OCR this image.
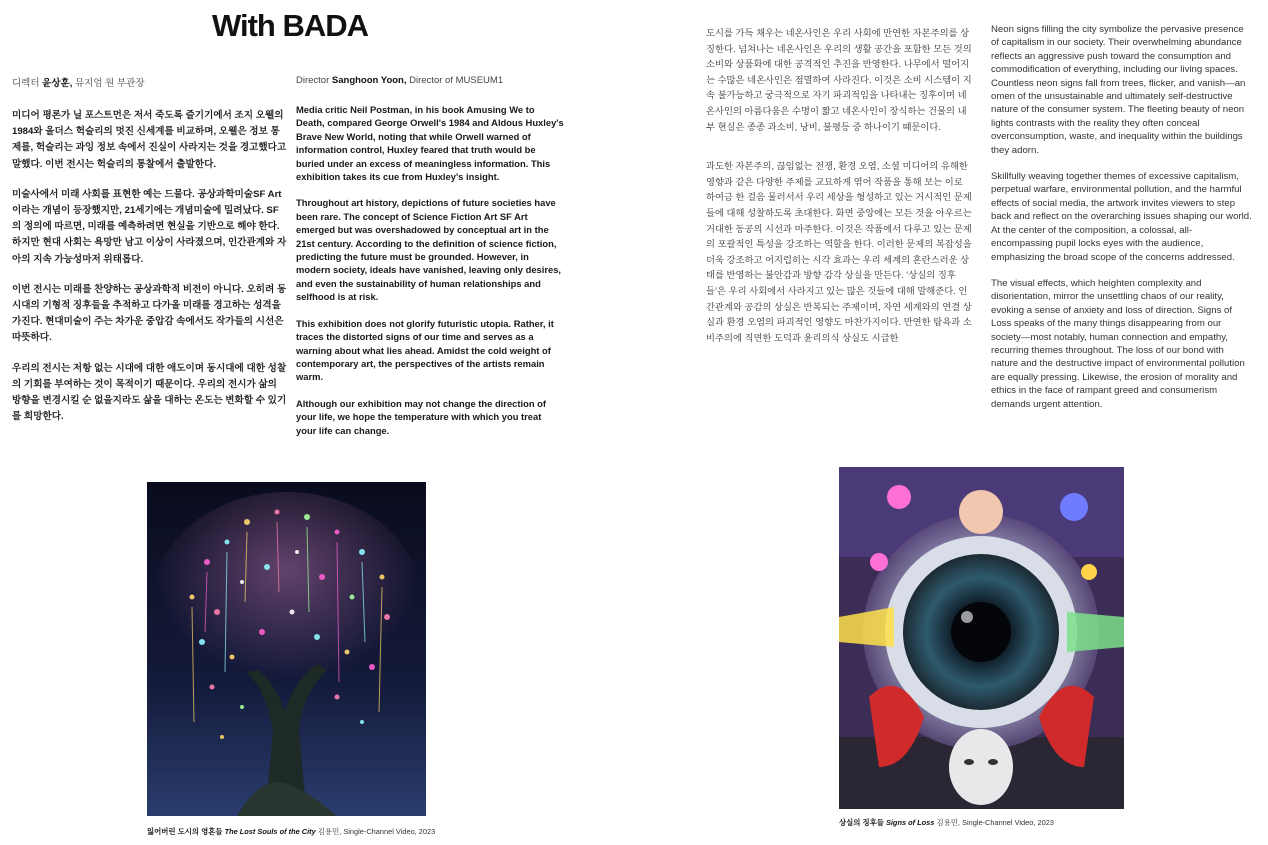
With BADA
디렉터 윤상훈, 뮤지엄 원 부관장	Director Sanghoon Yoon, Director of MUSEUM1

미디어 평론가 닐 포스트먼은 저서 죽도록 즐기기에서 조지 오웰의 1984와 올더스 헉슬리의 멋진 신세계를 비교하며, 오웰은 정보 통제를, 헉슬리는 과잉 정보 속에서 진실이 사라지는 것을 경고했다고 말했다. 이번 전시는 헉슬리의 통찰에서 출발한다.

미술사에서 미래 사회를 표현한 예는 드물다. 공상과학미술SF Art이라는 개념이 등장했지만, 21세기에는 개념미술에 밀려났다. SF의 정의에 따르면, 미래를 예측하려면 현실을 기반으로 해야 한다. 하지만 현대 사회는 욕망만 남고 이상이 사라졌으며, 인간관계와 자아의 지속 가능성마저 위태롭다.

이번 전시는 미래를 찬양하는 공상과학적 비전이 아니다. 오히려 동시대의 기형적 징후들을 추적하고 다가올 미래를 경고하는 성격을 가진다. 현대미술이 주는 차가운 중압감 속에서도 작가들의 시선은 따뜻하다.

우리의 전시는 저항 없는 시대에 대한 애도이며 동시대에 대한 성찰의 기회를 부여하는 것이 목적이기 때문이다. 우리의 전시가 삶의 방향을 변경시킬 순 없을지라도 삶을 대하는 온도는 변화할 수 있기를 희망한다.

Media critic Neil Postman, in his book Amusing We to Death, compared George Orwell's 1984 and Aldous Huxley's Brave New World, noting that while Orwell warned of information control, Huxley feared that truth would be buried under an excess of meaningless information. This exhibition takes its cue from Huxley's insight.

Throughout art history, depictions of future societies have been rare. The concept of Science Fiction Art SF Art emerged but was overshadowed by conceptual art in the 21st century. According to the definition of science fiction, predicting the future must be grounded. However, in modern society, ideals have vanished, leaving only desires, and even the sustainability of human relationships and selfhood is at risk.

This exhibition does not glorify futuristic utopia. Rather, it traces the distorted signs of our time and serves as a warning about what lies ahead. Amidst the cold weight of contemporary art, the perspectives of the artists remain warm.

Although our exhibition may not change the direction of your life, we hope the temperature with which you treat your life can change.

도시를 가득 채우는 네온사인은 우리 사회에 만연한 자본주의를 상징한다. 넘쳐나는 네온사인은 우리의 생활 공간을 포함한 모든 것의 소비와 상품화에 대한 공격적인 추진을 반영한다. 나무에서 떨어지는 수많은 네온사인은 점멸하여 사라진다. 이것은 소비 시스템이 지속 불가능하고 궁극적으로 자기 파괴적임을 나타내는 징후이며 네온사인의 아름다움은 수명이 짧고 네온사인이 장식하는 건물의 내부 현실은 종종 과소비, 낭비, 불평등 중 하나이기 때문이다.

과도한 자본주의, 끊임없는 전쟁, 환경 오염, 소셜 미디어의 유해한 영향과 같은 다양한 주제를 교묘하게 엮어 작품을 통해 보는 이로 하여금 한 걸음 물러서서 우리 세상을 형성하고 있는 거시적인 문제들에 대해 성찰하도록 초대한다. 화면 중앙에는 모든 것을 아우르는 거대한 동공의 시선과 마주한다. 이것은 작품에서 다루고 있는 문제의 포괄적인 특성을 강조하는 역할을 한다. 이러한 문제의 복잡성을 더욱 강조하고 어지럽히는 시각 효과는 우리 세계의 혼란스러운 상태를 반영하는 불안감과 방향 감각 상실을 만든다. ‘상실의 징후들’은 우리 사회에서 사라지고 있는 많은 것들에 대해 말해준다. 인간관계와 공감의 상실은 반복되는 주제이며, 자연 세계와의 연결 상실과 환경 오염의 파괴적인 영향도 마찬가지이다. 만연한 탐욕과 소비주의에 직면한 도덕과 윤리의식 상실도 시급한

Neon signs filling the city symbolize the pervasive presence of capitalism in our society. Their overwhelming abundance reflects an aggressive push toward the consumption and commodification of everything, including our living spaces. Countless neon signs fall from trees, flicker, and vanish—an omen of the unsustainable and ultimately self-destructive nature of the consumer system. The fleeting beauty of neon lights contrasts with the reality they often conceal overconsumption, waste, and inequality within the buildings they adorn.

Skillfully weaving together themes of excessive capitalism, perpetual warfare, environmental pollution, and the harmful effects of social media, the artwork invites viewers to step back and reflect on the overarching issues shaping our world. At the center of the composition, a colossal, all-encompassing pupil locks eyes with the audience, emphasizing the broad scope of the concerns addressed.

The visual effects, which heighten complexity and disorientation, mirror the unsettling chaos of our reality, evoking a sense of anxiety and loss of direction. Signs of Loss speaks of the many things disappearing from our society—most notably, human connection and empathy, recurring themes throughout. The loss of our bond with nature and the destructive impact of environmental pollution are equally pressing. Likewise, the erosion of morality and ethics in the face of rampant greed and consumerism demands urgent attention.

잃어버린 도시의 영혼들 The Lost Souls of the City 김용민, Single-Channel Video, 2023
상실의 징후들 Signs of Loss 김용민, Single-Channel Video, 2023
